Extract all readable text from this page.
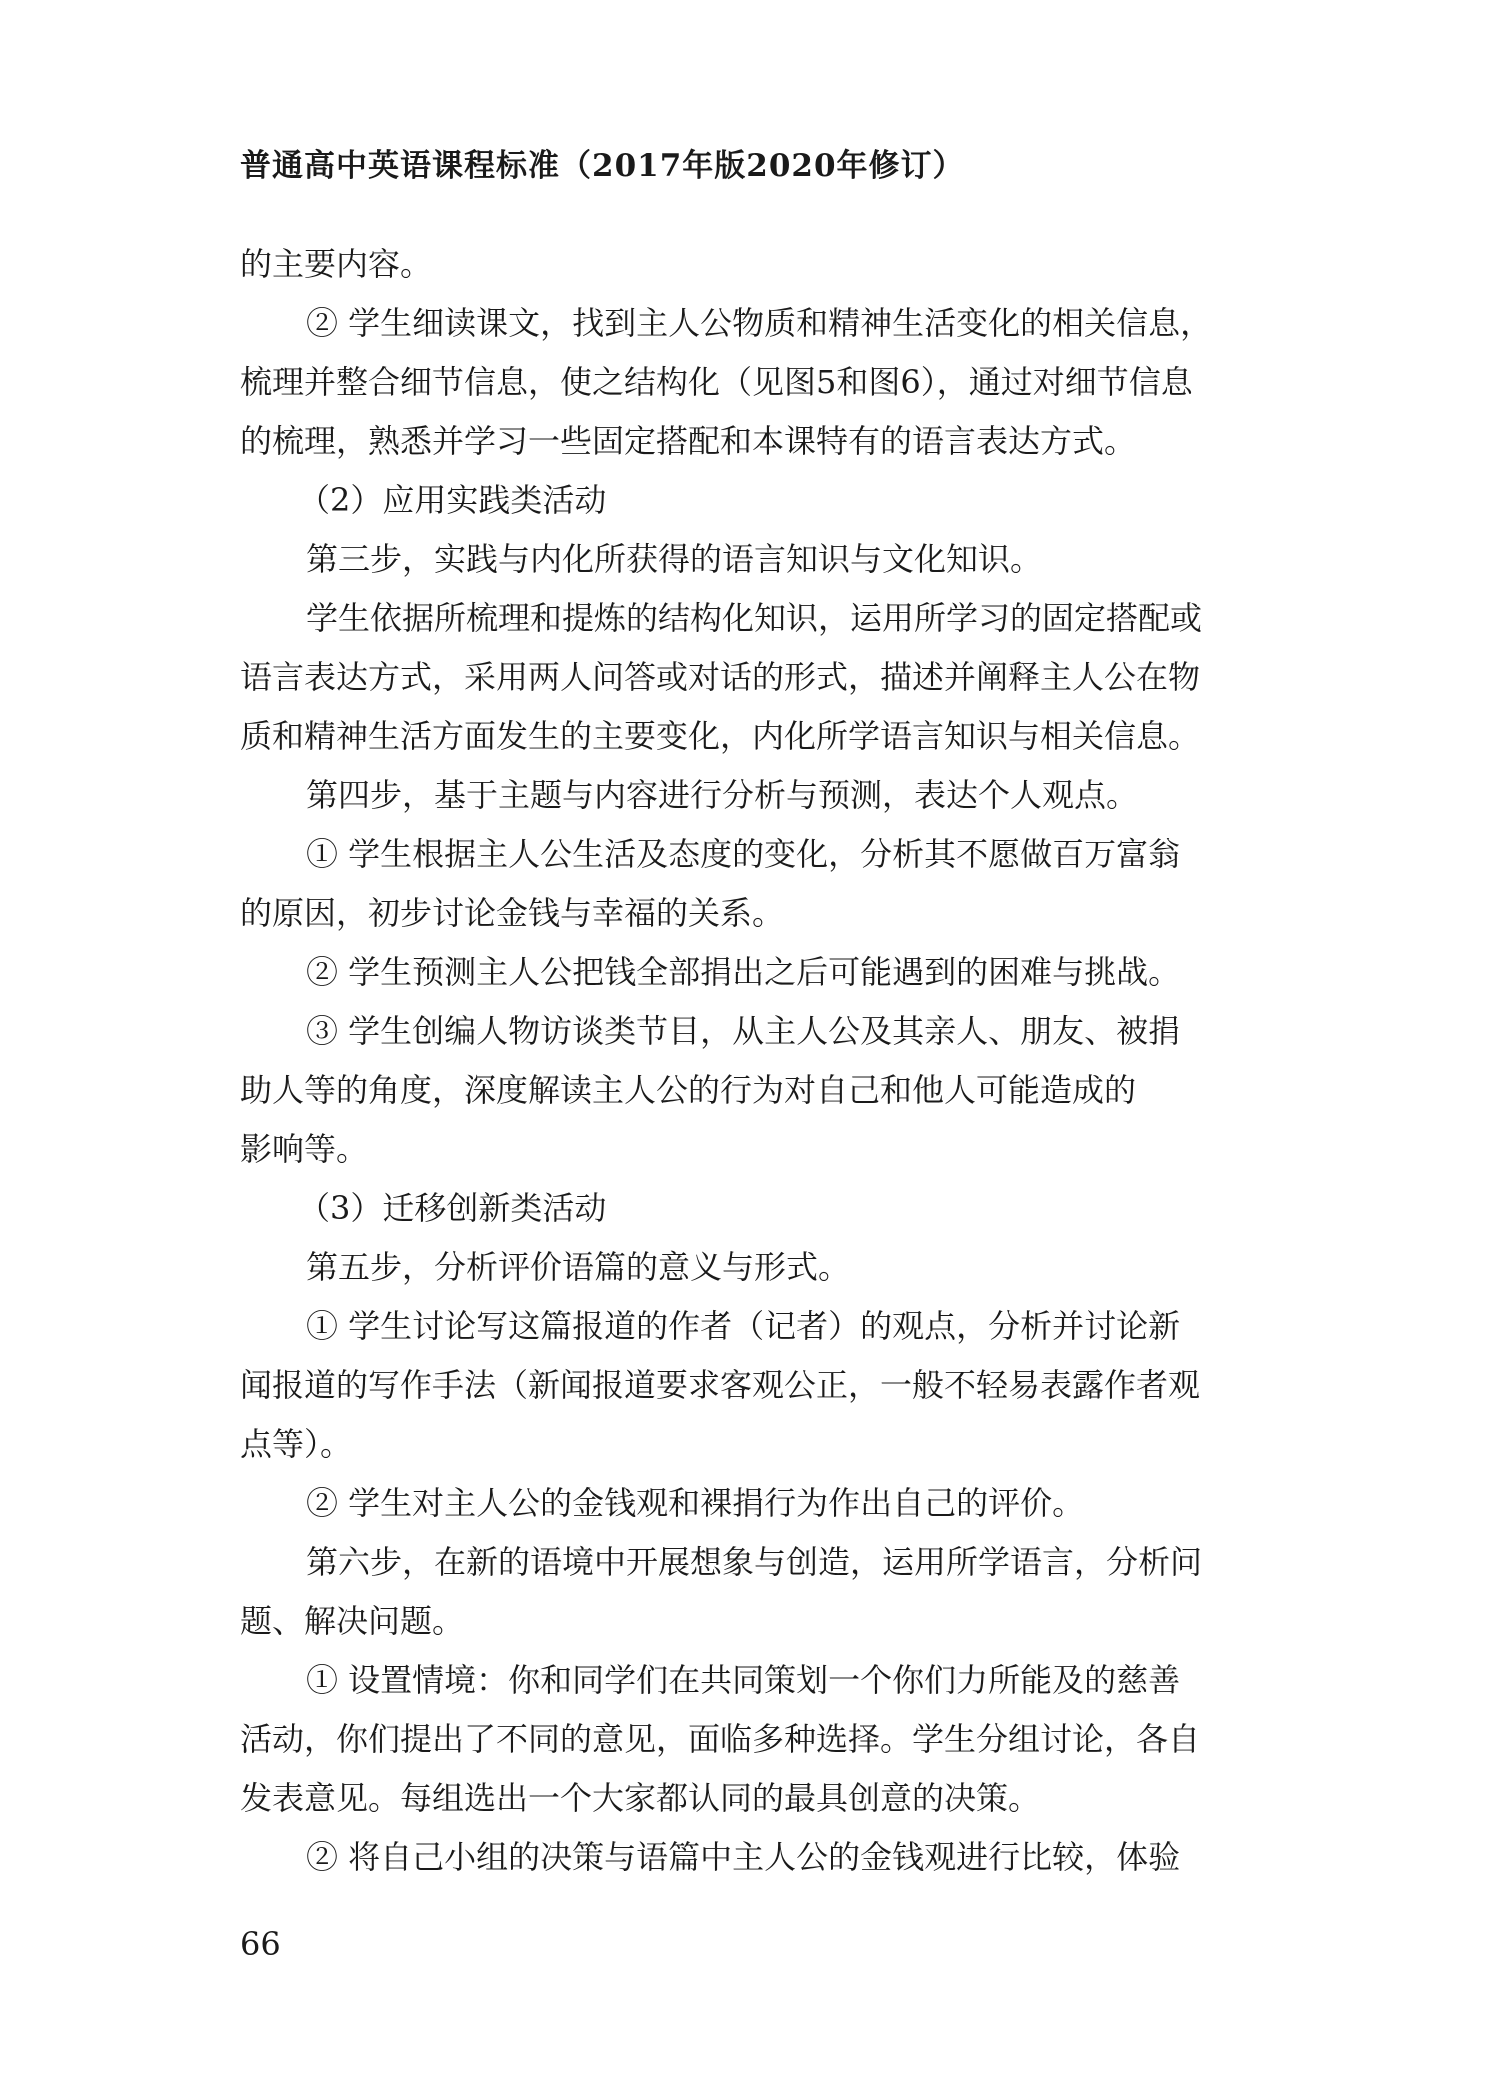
普通高中英语课程标准（2017年版2020年修订）
的主要内容。
② 学生细读课文，找到主人公物质和精神生活变化的相关信息，
梳理并整合细节信息，使之结构化（见图5和图6），通过对细节信息
的梳理，熟悉并学习一些固定搭配和本课特有的语言表达方式。
（2）应用实践类活动
第三步，实践与内化所获得的语言知识与文化知识。
学生依据所梳理和提炼的结构化知识，运用所学习的固定搭配或
语言表达方式，采用两人问答或对话的形式，描述并阐释主人公在物
质和精神生活方面发生的主要变化，内化所学语言知识与相关信息。
第四步，基于主题与内容进行分析与预测，表达个人观点。
① 学生根据主人公生活及态度的变化，分析其不愿做百万富翁
的原因，初步讨论金钱与幸福的关系。
② 学生预测主人公把钱全部捐出之后可能遇到的困难与挑战。
③ 学生创编人物访谈类节目，从主人公及其亲人、朋友、被捐
助人等的角度，深度解读主人公的行为对自己和他人可能造成的
影响等。
（3）迁移创新类活动
第五步，分析评价语篇的意义与形式。
① 学生讨论写这篇报道的作者（记者）的观点，分析并讨论新
闻报道的写作手法（新闻报道要求客观公正，一般不轻易表露作者观
点等）。
② 学生对主人公的金钱观和裸捐行为作出自己的评价。
第六步，在新的语境中开展想象与创造，运用所学语言，分析问
题、解决问题。
① 设置情境：你和同学们在共同策划一个你们力所能及的慈善
活动，你们提出了不同的意见，面临多种选择。学生分组讨论，各自
发表意见。每组选出一个大家都认同的最具创意的决策。
② 将自己小组的决策与语篇中主人公的金钱观进行比较，体验
66
